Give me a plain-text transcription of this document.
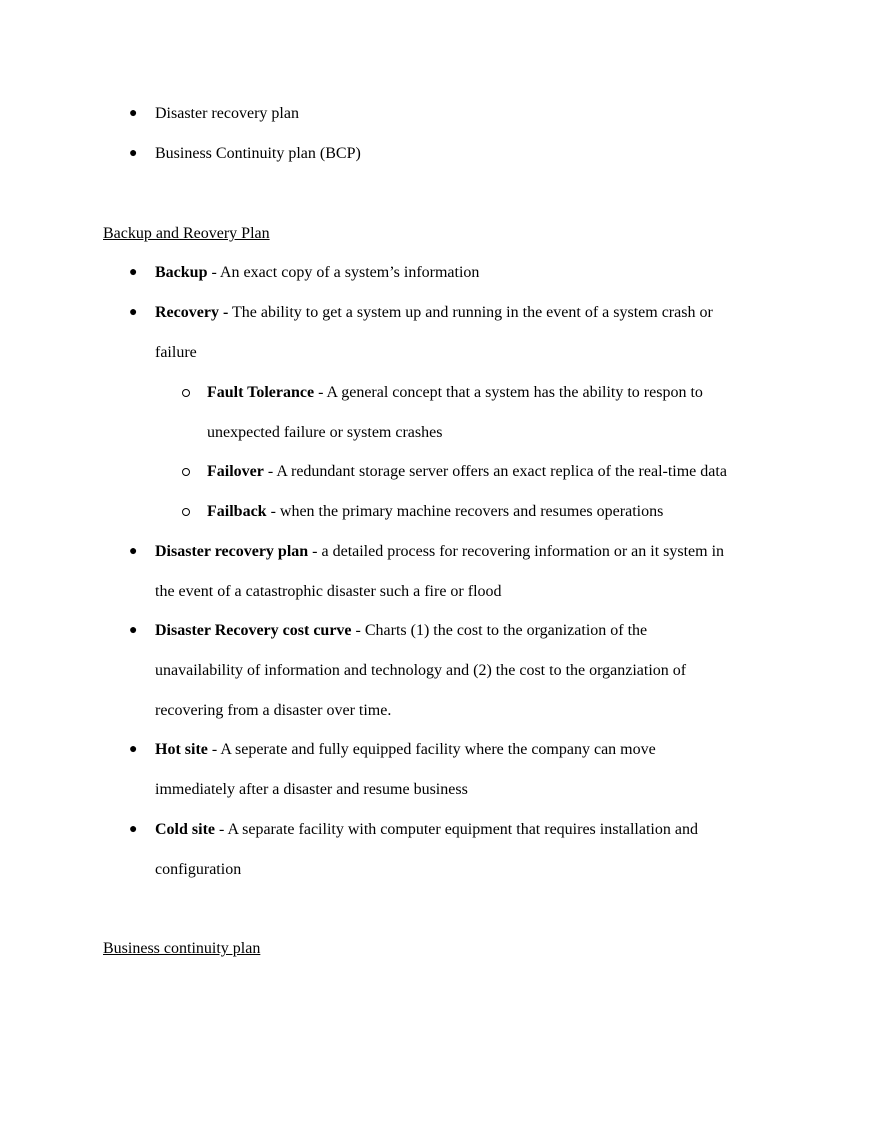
● Disaster recovery plan
● Business Continuity plan (BCP)
Backup and Reovery Plan
● Backup - An exact copy of a system’s information
● Recovery - The ability to get a system up and running in the event of a system crash or
failure
Fault Tolerance - A general concept that a system has the ability to respon to
unexpected failure or system crashes
Failover - A redundant storage server offers an exact replica of the real-time data
Failback - when the primary machine recovers and resumes operations
● Disaster recovery plan - a detailed process for recovering information or an it system in
the event of a catastrophic disaster such a fire or flood
● Disaster Recovery cost curve - Charts (1) the cost to the organization of the
unavailability of information and technology and (2) the cost to the organziation of
recovering from a disaster over time.
● Hot site - A seperate and fully equipped facility where the company can move
immediately after a disaster and resume business
● Cold site - A separate facility with computer equipment that requires installation and
configuration
Business continuity plan
